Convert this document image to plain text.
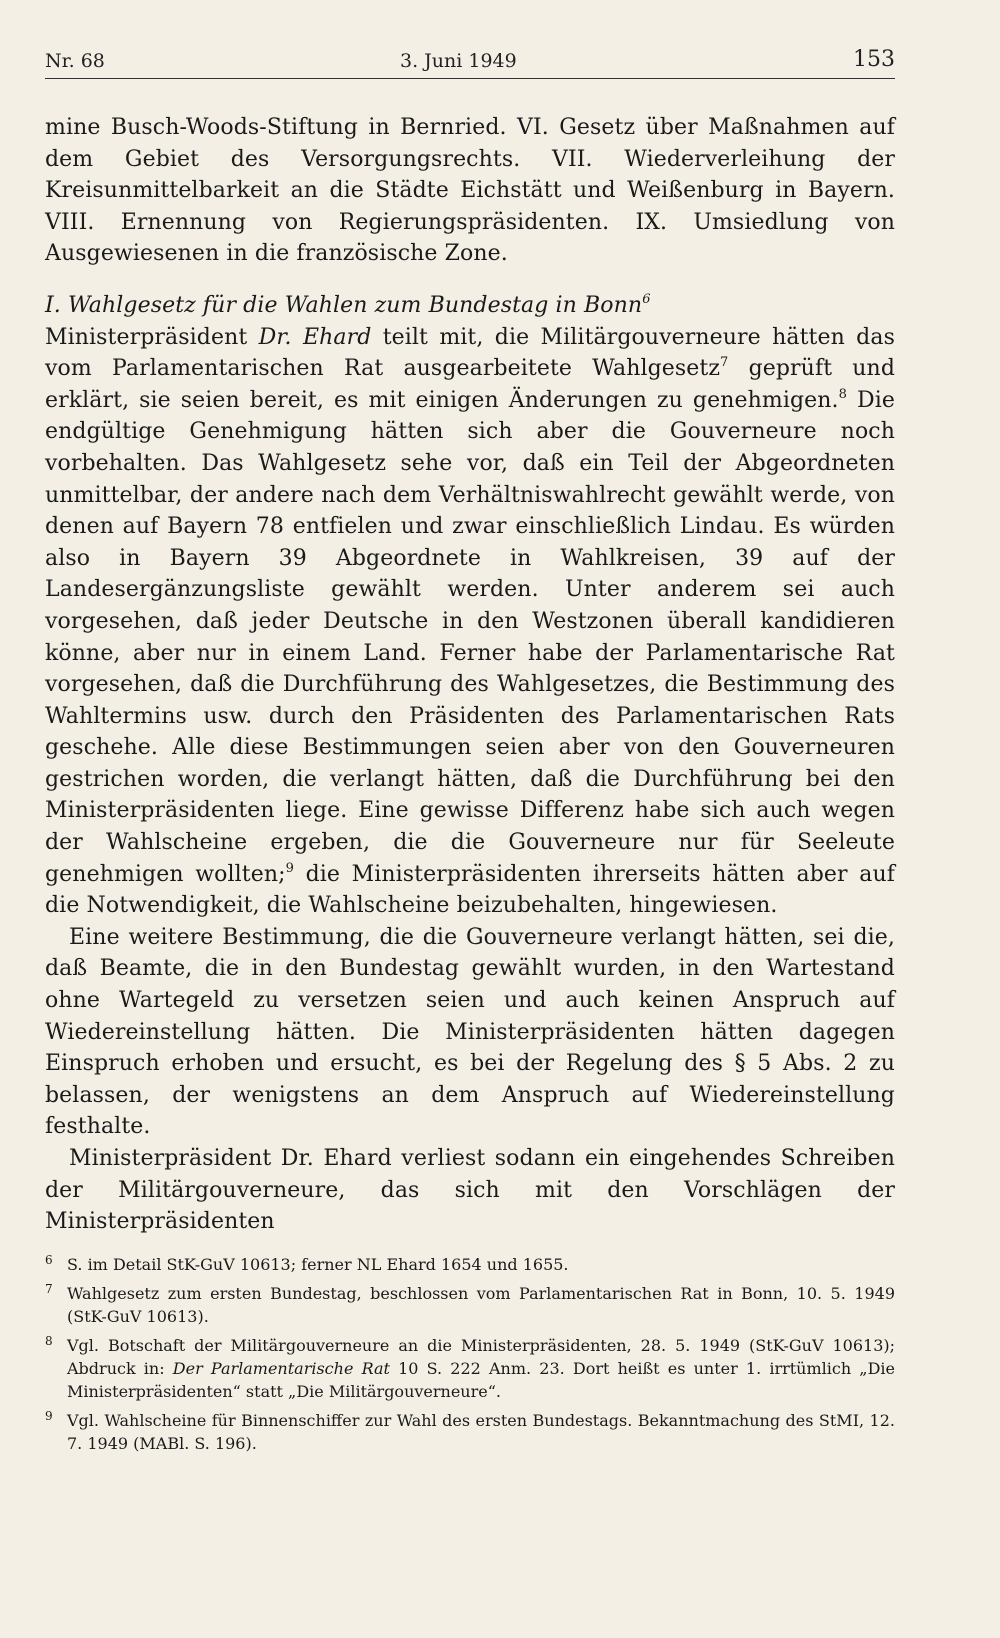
Nr. 68	3. Juni 1949	153

mine Busch-Woods-Stiftung in Bernried. VI. Gesetz über Maßnahmen auf dem Gebiet des Versorgungsrechts. VII. Wiederverleihung der Kreisunmittelbarkeit an die Städte Eichstätt und Weißenburg in Bayern. VIII. Ernennung von Regierungspräsidenten. IX. Umsiedlung von Ausgewiesenen in die französische Zone.

I. Wahlgesetz für die Wahlen zum Bundestag in Bonn$^6$

Ministerpräsident Dr. Ehard teilt mit, die Militärgouverneure hätten das vom Parlamentarischen Rat ausgearbeitete Wahlgesetz$^7$ geprüft und erklärt, sie seien bereit, es mit einigen Änderungen zu genehmigen.$^8$ Die endgültige Genehmigung hätten sich aber die Gouverneure noch vorbehalten. Das Wahlgesetz sehe vor, daß ein Teil der Abgeordneten unmittelbar, der andere nach dem Verhältniswahlrecht gewählt werde, von denen auf Bayern 78 entfielen und zwar einschließlich Lindau. Es würden also in Bayern 39 Abgeordnete in Wahlkreisen, 39 auf der Landesergänzungsliste gewählt werden. Unter anderem sei auch vorgesehen, daß jeder Deutsche in den Westzonen überall kandidieren könne, aber nur in einem Land. Ferner habe der Parlamentarische Rat vorgesehen, daß die Durchführung des Wahlgesetzes, die Bestimmung des Wahltermins usw. durch den Präsidenten des Parlamentarischen Rats geschehe. Alle diese Bestimmungen seien aber von den Gouverneuren gestrichen worden, die verlangt hätten, daß die Durchführung bei den Ministerpräsidenten liege. Eine gewisse Differenz habe sich auch wegen der Wahlscheine ergeben, die die Gouverneure nur für Seeleute genehmigen wollten;$^9$ die Ministerpräsidenten ihrerseits hätten aber auf die Notwendigkeit, die Wahlscheine beizubehalten, hingewiesen.

Eine weitere Bestimmung, die die Gouverneure verlangt hätten, sei die, daß Beamte, die in den Bundestag gewählt wurden, in den Wartestand ohne Wartegeld zu versetzen seien und auch keinen Anspruch auf Wiedereinstellung hätten. Die Ministerpräsidenten hätten dagegen Einspruch erhoben und ersucht, es bei der Regelung des § 5 Abs. 2 zu belassen, der wenigstens an dem Anspruch auf Wiedereinstellung festhalte.

Ministerpräsident Dr. Ehard verliest sodann ein eingehendes Schreiben der Militärgouverneure, das sich mit den Vorschlägen der Ministerpräsidenten

6 S. im Detail StK-GuV 10613; ferner NL Ehard 1654 und 1655.
7 Wahlgesetz zum ersten Bundestag, beschlossen vom Parlamentarischen Rat in Bonn, 10. 5. 1949 (StK-GuV 10613).
8 Vgl. Botschaft der Militärgouverneure an die Ministerpräsidenten, 28. 5. 1949 (StK-GuV 10613); Abdruck in: Der Parlamentarische Rat 10 S. 222 Anm. 23. Dort heißt es unter 1. irrtümlich „Die Ministerpräsidenten“ statt „Die Militärgouverneure“.
9 Vgl. Wahlscheine für Binnenschiffer zur Wahl des ersten Bundestags. Bekanntmachung des StMI, 12. 7. 1949 (MABl. S. 196).
